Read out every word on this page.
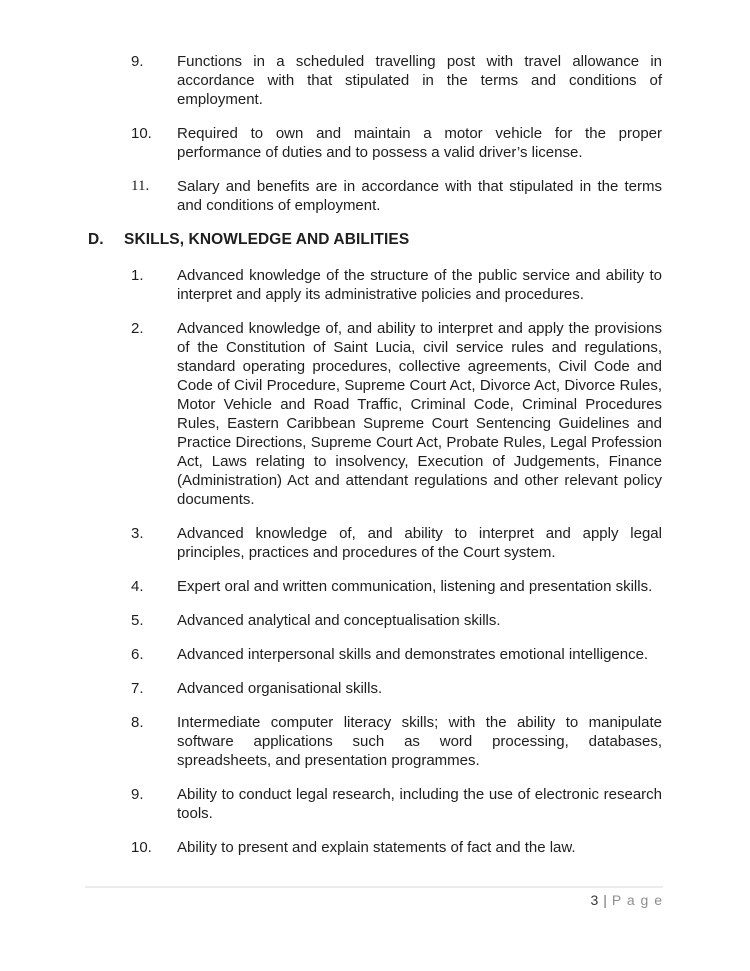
9.	Functions in a scheduled travelling post with travel allowance in accordance with that stipulated in the terms and conditions of employment.
10.	Required to own and maintain a motor vehicle for the proper performance of duties and to possess a valid driver’s license.
11.	Salary and benefits are in accordance with that stipulated in the terms and conditions of employment.
D.	SKILLS, KNOWLEDGE AND ABILITIES
1.	Advanced knowledge of the structure of the public service and ability to interpret and apply its administrative policies and procedures.
2.	Advanced knowledge of, and ability to interpret and apply the provisions of the Constitution of Saint Lucia, civil service rules and regulations, standard operating procedures, collective agreements, Civil Code and Code of Civil Procedure, Supreme Court Act, Divorce Act, Divorce Rules, Motor Vehicle and Road Traffic, Criminal Code, Criminal Procedures Rules, Eastern Caribbean Supreme Court Sentencing Guidelines and Practice Directions, Supreme Court Act, Probate Rules, Legal Profession Act, Laws relating to insolvency, Execution of Judgements, Finance (Administration) Act and attendant regulations and other relevant policy documents.
3.	Advanced knowledge of, and ability to interpret and apply legal principles, practices and procedures of the Court system.
4.	Expert oral and written communication, listening and presentation skills.
5.	Advanced analytical and conceptualisation skills.
6.	Advanced interpersonal skills and demonstrates emotional intelligence.
7.	Advanced organisational skills.
8.	Intermediate computer literacy skills; with the ability to manipulate software applications such as word processing, databases, spreadsheets, and presentation programmes.
9.	Ability to conduct legal research, including the use of electronic research tools.
10.	Ability to present and explain statements of fact and the law.
3 | P a g e
